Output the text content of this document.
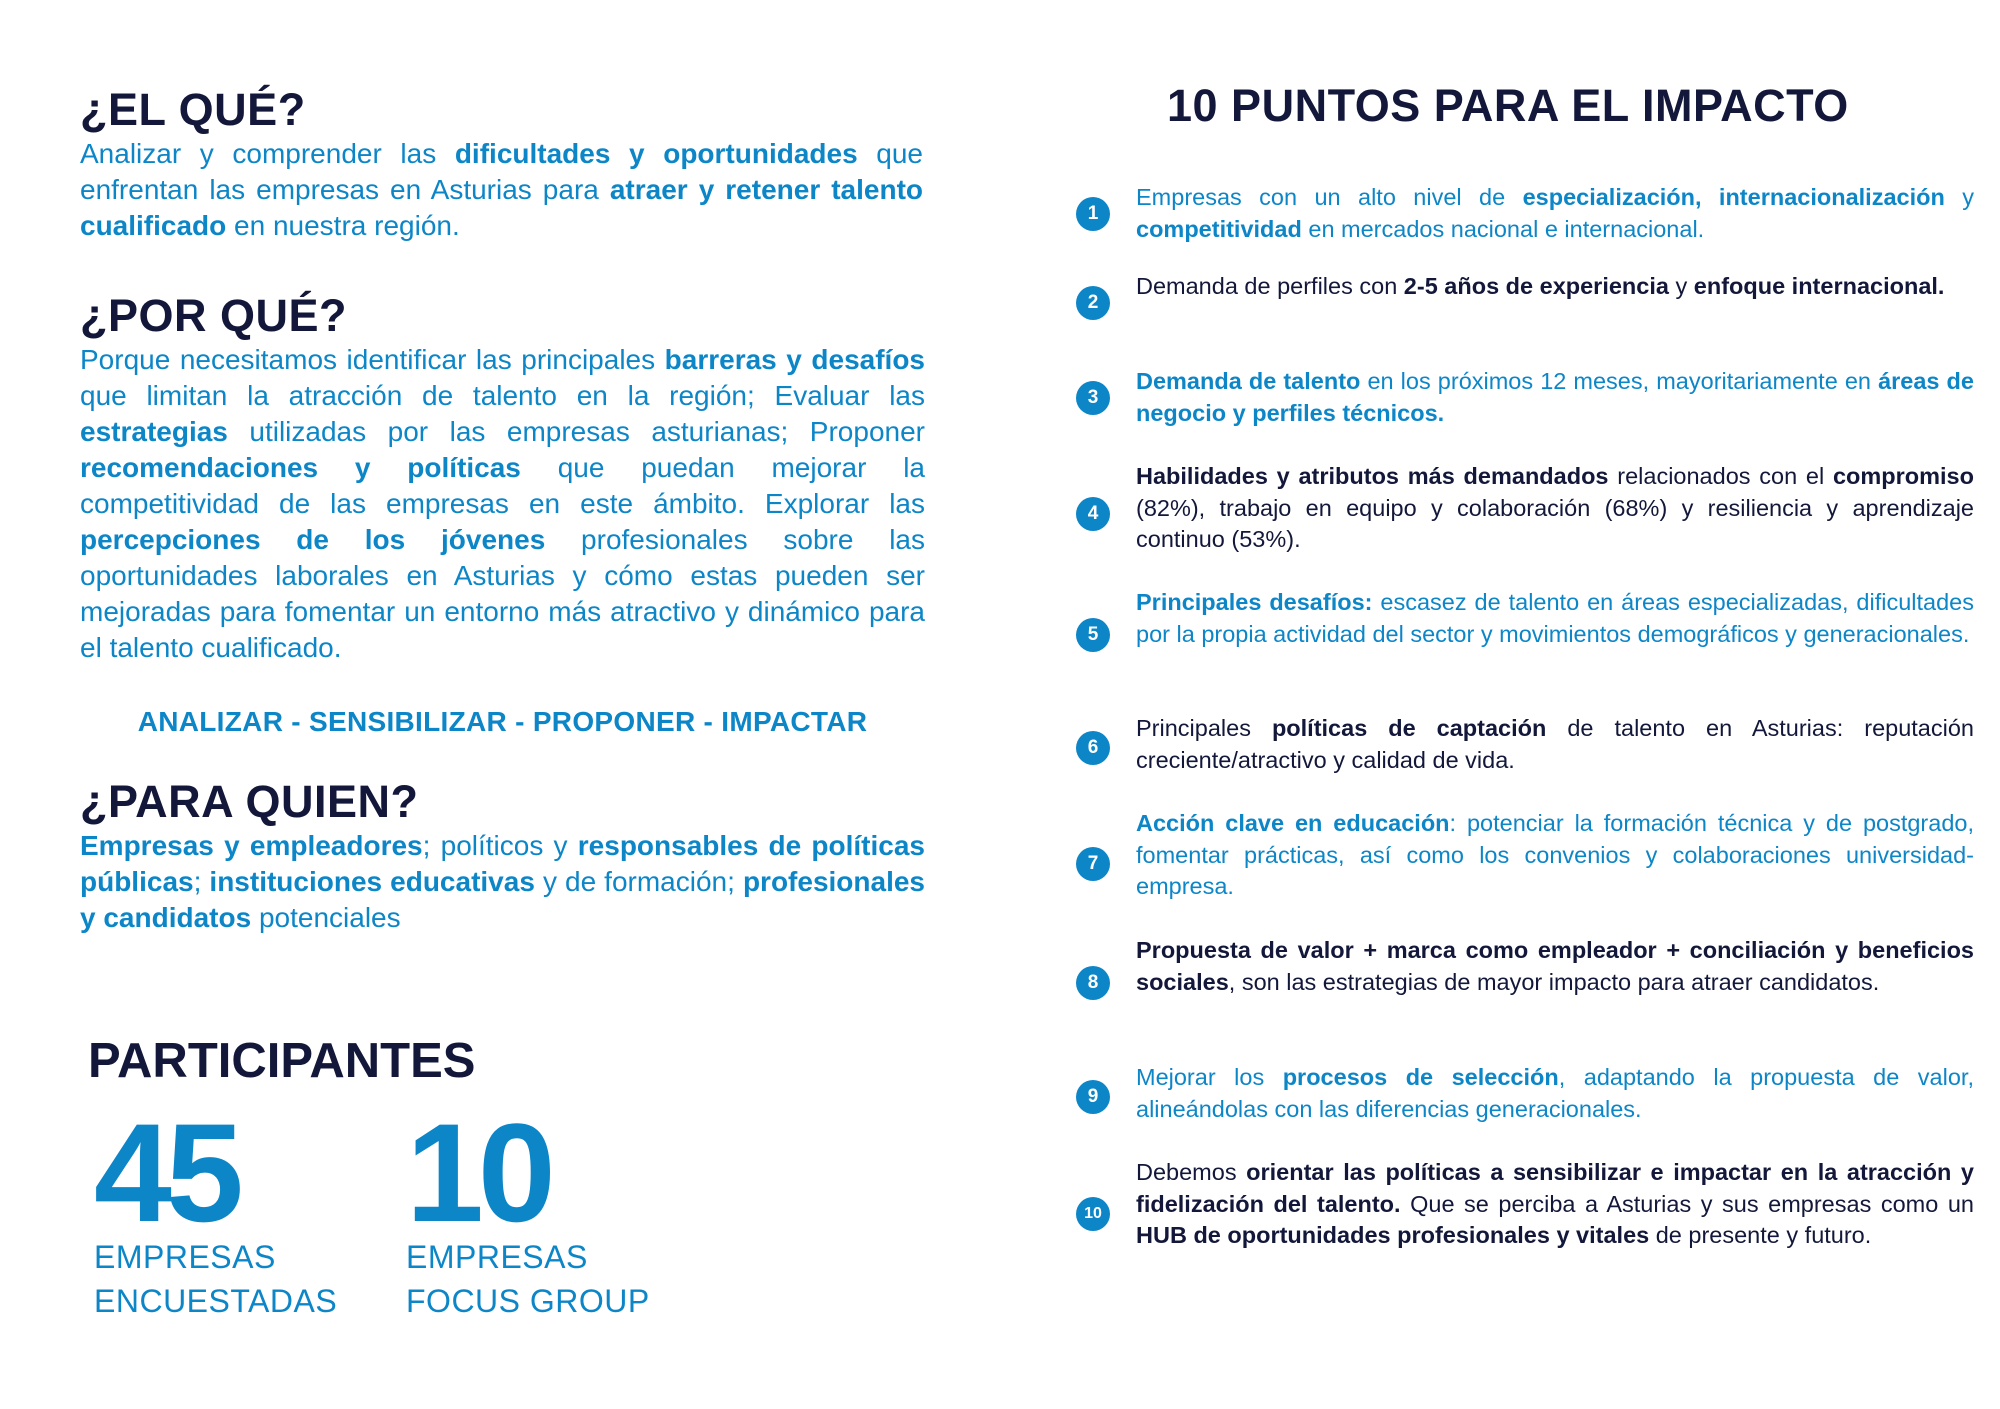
¿EL QUÉ?

Analizar y comprender las dificultades y oportunidades que enfrentan las empresas en Asturias para atraer y retener talento cualificado en nuestra región.

¿POR QUÉ?

Porque necesitamos identificar las principales barreras y desafíos que limitan la atracción de talento en la región; Evaluar las estrategias utilizadas por las empresas asturianas; Proponer recomendaciones y políticas que puedan mejorar la competitividad de las empresas en este ámbito. Explorar las percepciones de los jóvenes profesionales sobre las oportunidades laborales en Asturias y cómo estas pueden ser mejoradas para fomentar un entorno más atractivo y dinámico para el talento cualificado.

ANALIZAR - SENSIBILIZAR - PROPONER - IMPACTAR

¿PARA QUIEN?

Empresas y empleadores; políticos y responsables de políticas públicas; instituciones educativas y de formación; profesionales y candidatos potenciales

PARTICIPANTES
45
EMPRESAS
ENCUESTADAS
10
EMPRESAS
FOCUS GROUP
10 PUNTOS PARA EL IMPACTO
1

Empresas con un alto nivel de especialización, internacionalización y competitividad en mercados nacional e internacional.

2

Demanda de perfiles con 2-5 años de experiencia y enfoque internacional.

3

Demanda de talento en los próximos 12 meses, mayoritariamente en áreas de negocio y perfiles técnicos.

4

Habilidades y atributos más demandados relacionados con el compromiso (82%), trabajo en equipo y colaboración (68%) y resiliencia y aprendizaje continuo (53%).

5

Principales desafíos: escasez de talento en áreas especializadas, dificultades por la propia actividad del sector y movimientos demográficos y generacionales.

6

Principales políticas de captación de talento en Asturias: reputación creciente/atractivo y calidad de vida.

7

Acción clave en educación: potenciar la formación técnica y de postgrado, fomentar prácticas, así como los convenios y colaboraciones universidad-empresa.

8

Propuesta de valor + marca como empleador + conciliación y beneficios sociales, son las estrategias de mayor impacto para atraer candidatos.

9

Mejorar los procesos de selección, adaptando la propuesta de valor, alineándolas con las diferencias generacionales.

10

Debemos orientar las políticas a sensibilizar e impactar en la atracción y fidelización del talento. Que se perciba a Asturias y sus empresas como un HUB de oportunidades profesionales y vitales de presente y futuro.
